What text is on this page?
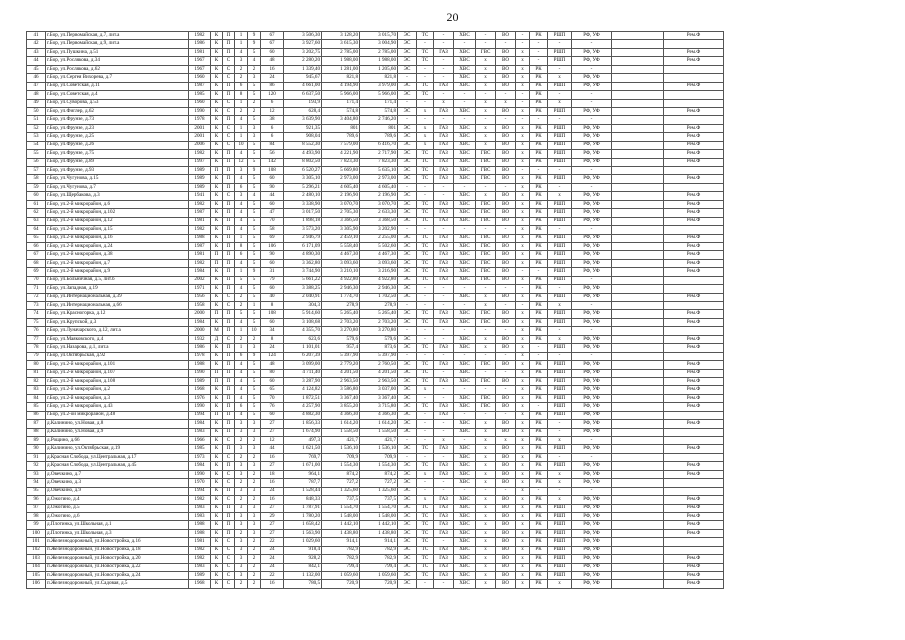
20
41	г.Бор, ул.Первомайская, д.7, лит.а	1982	К	П	1	9	67	3 506,30	3 128,20	3 015,70	ЭС	ТС	-	ХВС	-	ВО	-	РК	РШП	РФ, УФ		Рем.Ф
42	г.Бор, ул.Первомайская, д.9, лит.а	1986	К	П	1	9	67	3 927,60	3 615,30	3 004,90	ЭС	-	-	-	-	-	-	-	-	-		
43	г.Бор, ул.Пушкина, д.51	1981	К	П	4	5	60	3 202,75	2 785,00	2 785,00	ЭС	ТС	ГАЗ	ХВС	ГВС	ВО	х	-	РШП	РФ, УФ		Рем.Ф
44	г.Бор, ул.Рослякова, д.34	1967	К	С	3	4	48	2 280,20	1 988,00	1 988,00	ЭС	ТС	-	ХВС	х	ВО	х	-	РШП	РФ, УФ		Рем.Ф
45	г.Бор, ул.Рослякова, д.62	1967	К	С	2	2	16	1 339,40	1 281,00	1 205,60	ЭС	-	-	ХВС	х	ВО	х	РК	-	-		
46	г.Бор, ул.Сергея Вихорева, д.7	1960	К	С	2	3	24	945,67	821,8	821,8	-	-	-	ХВС	х	ВО	х	РК	х	РФ, УФ		
47	г.Бор, ул.Советская, д.11	1987	К	П	6	5	86	4 661,00	4 194,90	3 979,00	ЭС	ТС	ГАЗ	ХВС	х	ВО	х	РК	РШП	РФ, УФ		Рем.Ф
48	г.Бор, ул.Советская, д.4	1985	К	П	8	5	120	6 637,50	5 966,00	5 966,00	ЭС	ТС	-	-	-	-	-	РК	-	-		
49	г.Бор, ул.Суворова, д.53	1960	К	С	1	2	6	193,9	171,4	171,4	-	-	х	-	х	х	-	РК	х	-		
50	г.Бор, ул.Фиглер, д.62	1990	К	С	2	2	12	628,4	574,8	574,8	ЭС	х	ГАЗ	ХВС	х	ВО	х	РК	РШП	РФ, УФ		Рем.Ф
51	г.Бор, ул.Фрунзе, д.73	1978	К	П	4	5	38	3 639,90	3 404,80	2 746,20	-	-	-	-	-	-	-	-	-	-		
52	г.Бор, ул.Фрунзе, д.23	2001	К	С	1	3	6	921,35	801	801	ЭС	х	ГАЗ	ХВС	х	ВО	х	РК	РШП	РФ, УФ		Рем.Ф
53	г.Бор, ул.Фрунзе, д.25	2001	К	С	1	3	6	908,04	789,6	789,6	ЭС	х	ГАЗ	ХВС	х	ВО	х	РК	РШП	РФ, УФ		Рем.Ф
54	г.Бор, ул.Фрунзе, д.26	2006	К	С	10	5	84	8 552,30	7 579,00	6 416,70	ЭС	х	ГАЗ	ХВС	х	ВО	х	РК	РШП	РФ, УФ		Рем.Ф
55	г.Бор, ул.Фрунзе, д.75	1982	К	П	4	5	56	4 493,90	4 221,90	2 717,90	ЭС	ТС	ГАЗ	ХВС	ГВС	ВО	х	РК	РШП	РФ, УФ		Рем.Ф
56	г.Бор, ул.Фрунзе, д.89	1997	К	П	12	5	142	8 802,50	7 823,30	7 823,30	ЭС	ТС	ГАЗ	ХВС	ГВС	ВО	х	РК	РШП	РФ, УФ		Рем.Ф
57	г.Бор, ул.Фрунзе, д.93	1989	П	П	3	9	108	6 520,27	5 669,80	5 635,10	ЭС	ТС	ГАЗ	ХВС	ГВС	ВО	-	-	-	-		
58	г.Бор, ул.Чугунова, д.15	1989	К	П	4	5	60	3 305,10	2 973,00	2 973,00	ЭС	ТС	ГАЗ	ХВС	ГВС	ВО	х	РК	РШП	РФ, УФ		Рем.Ф
59	г.Бор, ул.Чугунова, д.7	1989	К	П	6	5	90	5 296,21	4 605,40	4 605,40	-	-	-	-	-	-	х	РК	-	-		
60	г.Бор, ул.Щербакова, д.3	1941	К	С	3	4	44	2 480,10	2 196,90	2 196,90	ЭС	-	-	ХВС	х	ВО	х	РК	х	РФ, УФ		Рем.Ф
61	г.Бор, ул.2-й микрорайон, д.6	1982	К	П	4	5	60	3 338,90	3 070,70	3 070,70	ЭС	ТС	ГАЗ	ХВС	ГВС	ВО	х	РК	РШП	РФ, УФ		Рем.Ф
62	г.Бор, ул.2-й микрорайон, д.102	1987	К	П	4	5	47	3 017,50	2 705,30	2 633,30	ЭС	ТС	ГАЗ	ХВС	ГВС	ВО	х	РК	РШП	РФ, УФ		Рем.Ф
63	г.Бор, ул.2-й микрорайон, д.12	1981	К	П	4	5	70	1 898,18	3 366,50	3 368,50	ЭС	ТС	ГАЗ	ХВС	ГВС	ВО	х	РК	РШП	РФ, УФ		Рем.Ф
64	г.Бор, ул.2-й микрорайон, д.15	1982	К	П	4	5	58	3 573,20	3 305,90	3 202,90	-	-	-	-	-	-	х	РК	-	-		
65	г.Бор, ул.2-й микрорайон, д.16	1988	К	П	1	5	69	2 946,79	2 459,10	2 255,00	ЭС	ТС	ГАЗ	ХВС	ГВС	ВО	х	РК	РШП	РФ, УФ		Рем.Ф
66	г.Бор, ул.2-й микрорайон, д.24	1987	К	П	8	5	106	6 171,09	5 558,40	5 502,60	ЭС	ТС	ГАЗ	ХВС	ГВС	ВО	х	РК	РШП	РФ, УФ		Рем.Ф
67	г.Бор, ул.2-й микрорайон, д.38	1981	П	П	6	5	90	4 890,30	4 467,30	4 467,30	ЭС	ТС	ГАЗ	ХВС	ГВС	ВО	х	РК	РШП	РФ, УФ		Рем.Ф
68	г.Бор, ул.2-й микрорайон, д.7	1982	П	П	4	5	60	3 362,80	3 093,60	3 093,60	ЭС	ТС	ГАЗ	ХВС	ГВС	ВО	х	РК	РШП	РФ, УФ		Рем.Ф
69	г.Бор, ул.2-й микрорайон, д.9	1984	К	П	1	9	31	3 744,90	3 210,10	3 216,90	ЭС	ТС	ГАЗ	ХВС	ГВС	ВО	-	-	РШП	РФ, УФ		Рем.Ф
70	г.Бор, ул.Больничная, д.5, лит.б	2002	К	П	5	5	79	5 661,22	4 922,80	4 922,80	ЭС	ТС	ГАЗ	ХВС	ГВС	ВО	х	РК	РШП	-		
71	г.Бор, ул.Западная, д.19	1971	К	П	4	5	60	3 388,25	2 946,30	2 946,30	ЭС	-	-	-	-	-	-	РК	-	РФ, УФ		
72	г.Бор, ул.Интернациональная, д.39	1956	К	С	2	5	40	2 040,91	1 774,70	1 702,50	ЭС	-	-	ХВС	х	ВО	х	РК	РШП	РФ, УФ		Рем.Ф
73	г.Бор, ул.Интернациональная, д.66	1958	К	С	2	1	8	304,3	278,9	278,9	-	-	-	-	х	-	-	РК	х	-		
74	г.Бор, ул.Красногорка, д.12	2000	П	П	5	5	108	5 914,60	5 265,40	5 265,40	ЭС	ТС	ГАЗ	ХВС	ГВС	ВО	х	РК	РШП	РФ, УФ		Рем.Ф
75	г.Бор, ул.Крупской, д.3	1984	К	П	4	5	60	3 108,68	2 703,20	2 703,20	ЭС	ТС	ГАЗ	ХВС	ГВС	ВО	х	РК	РШП	РФ, УФ		Рем.Ф
76	г.Бор, ул.Луначарского, д.12, лит.а	2000	М	П	1	10	34	4 355,70	3 270,80	3 270,80	-	-	-	-	-	-	х	РК	-	-		
77	г.Бор, ул.Маяковского, д.4	1932	Д	С	2	2	8	623,6	579,6	579,6	ЭС	-	-	ХВС	х	ВО	х	РК	х	РФ, УФ		Рем.Ф
78	г.Бор, ул.Назарова, д.1, лит.а	1986	К	П	1	3	24	1 101,01	957,4	873,6	ЭС	ТС	ГАЗ	ХВС	х	ВО	х	-	РШП	РФ, УФ		Рем.Ф
79	г.Бор, ул.Октябрьская, д.92	1978	К	П	6	9	124	6 207,39	5 397,90	5 397,90	-	-	-	-	-	-	х	-	-	-		
80	г.Бор, ул.2-й микрорайон, д.101	1988	К	П	4	5	48	3 099,00	2 779,20	2 760,50	ЭС	ТС	ГАЗ	ХВС	ГВС	ВО	х	РК	РШП	РФ, УФ		Рем.Ф
81	г.Бор, ул.2-й микрорайон, д.107	1990	П	П	4	5	80	4 711,40	4 201,50	4 201,50	ЭС	ТС	-	ХВС	-	-	х	РК	РШП	РФ, УФ		Рем.Ф
82	г.Бор, ул.2-й микрорайон, д.108	1989	П	П	4	5	60	3 287,90	2 963,50	2 963,50	ЭС	ТС	ГАЗ	ХВС	ГВС	ВО	х	РК	РШП	РФ, УФ		Рем.Ф
83	г.Бор, ул.2-й микрорайон, д.2	1968	К	П	4	5	65	4 124,82	3 586,80	3 037,00	ЭС	х	-	-	-	-	х	РК	РШП	РФ, УФ		Рем.Ф
84	г.Бор, ул.2-й микрорайон, д.3	1976	К	П	4	5	70	1 872,51	3 367,40	3 367,40	ЭС	-	-	ХВС	ГВС	ВО	х	РК	РШП	РФ, УФ		Рем.Ф
85	г.Бор, ул.2-й микрорайон, д.43	1990	К	П	6	5	76	4 257,90	3 855,20	3 715,80	ЭС	ТС	ГАЗ	ХВС	ГВС	ВО	х	-	РШП	РФ, УФ		Рем.Ф
86	г.Бор, ул.2-ой микрорайон, д.48	1994	П	П	4	5	60	4 882,30	4 366,30	4 366,30	ЭС	-	ГАЗ	-	-	-	х	РК	РШП	РФ, УФ		
87	д.Калинино, ул.Новая, д.8	1984	К	П	3	3	27	1 856,33	1 614,20	1 614,20	ЭС	-	-	ХВС	х	ВО	х	РК	-	РФ, УФ		Рем.Ф
88	д.Калинино, ул.Новая, д.9	1983	К	П	3	3	27	1 674,90	1 558,50	1 558,50	ЭС	-	-	ХВС	х	ВО	х	РК	-	РФ, УФ		
89	д.Рощино, д.66	1966	К	С	2	2	12	497,3	421,7	421,7	-	-	х	-	х	х	х	РК	х	-		
90	д.Калинино, ул.Октябрьская, д.19	1985	К	П	3	3	44	1 621,50	1 536,10	1 536,10	ЭС	ТС	ГАЗ	ХВС	х	ВО	х	РК	РШП	РФ, УФ		Рем.Ф
91	д.Красная Слобода, ул.Центральная, д.17	1973	К	С	2	2	16	769,7	709,9	709,9	-	-	-	ХВС	х	ВО	х	РК	-	-		
92	д.Красная Слобода, ул.Центральная, д.45	1984	К	П	3	3	27	1 671,00	1 554,30	1 554,30	ЭС	ТС	ГАЗ	ХВС	х	ВО	х	РК	РШП	РФ, УФ		Рем.Ф
93	д.Овечкино, д.7	1990	К	С	3	2	18	964,1	874,2	874,2	ЭС	х	ГАЗ	ХВС	х	ВО	х	РК	х	РФ, УФ		Рем.Ф
94	д.Овечкино, д.3	1970	К	С	2	2	16	787,7	727,2	727,2	ЭС	-	-	ХВС	х	ВО	х	РК	х	РФ, УФ		
95	д.Овечкино, д.9	1994	К	П	3	3	24	1 528,44	1 325,60	1 325,60	ЭС	-	-	-	-	-	х	-	-	-		
96	д.Ожогино, д.4	1982	К	С	2	2	16	848,33	737,5	737,5	ЭС	х	ГАЗ	ХВС	х	ВО	х	РК	х	РФ, УФ		Рем.Ф
97	д.Ожогино, д.5	1983	К	П	3	3	27	1 787,91	1 554,70	1 554,70	ЭС	ТС	ГАЗ	ХВС	х	ВО	х	РК	РШП	РФ, УФ		Рем.Ф
98	д.Ожогино, д.6	1983	К	П	3	3	29	1 780,20	1 548,00	1 548,00	ЭС	ТС	ГАЗ	ХВС	х	ВО	х	РК	РШП	РФ, УФ		Рем.Ф
99	д.Плотинка, ул.Школьная, д.1	1988	К	П	3	3	27	1 658,42	1 442,10	1 442,10	ЭС	ТС	ГАЗ	ХВС	х	ВО	х	РК	РШП	РФ, УФ		Рем.Ф
100	д.Плотинка, ул.Школьная, д.3	1988	К	П	2	3	27	1 563,90	1 438,80	1 438,80	ЭС	ТС	ГАЗ	ХВС	х	ВО	х	РК	РШП	РФ, УФ		Рем.Ф
101	п.Железнодорожный, ул.Новостройка, д.16	1981	К	С	3	2	22	1 029,60	914,1	914,1	ЭС	ТС	-	ХВС	х	ВО	х	РК	РШП	РФ, УФ		
102	п.Железнодорожный, ул.Новостройка, д.18	1982	К	С	3	2	24	918,4	782,9	782,9	ЭС	ТС	ГАЗ	ХВС	х	ВО	х	РК	РШП	РФ, УФ		
103	п.Железнодорожный, ул.Новостройка, д.20	1982	К	С	3	2	24	928,2	782,9	782,9	ЭС	ТС	ГАЗ	ХВС	х	ВО	х	РК	РШП	РФ, УФ		Рем.Ф
104	п.Железнодорожный, ул.Новостройка, д.22	1983	К	С	3	2	24	842,1	799,4	799,4	ЭС	ТС	ГАЗ	ХВС	х	ВО	х	РК	РШП	РФ, УФ		Рем.Ф
105	п.Железнодорожный, ул.Новостройка, д.24	1989	К	С	3	2	22	1 132,00	1 059,60	1 059,60	ЭС	ТС	ГАЗ	ХВС	х	ВО	х	РК	РШП	РФ, УФ		Рем.Ф
106	п.Железнодорожный, ул.Садовая, д.5	1968	К	С	2	2	16	780,5	720,9	720,9	ЭС	-	-	ХВС	х	ВО	х	РК	х	РФ, УФ		Рем.Ф
